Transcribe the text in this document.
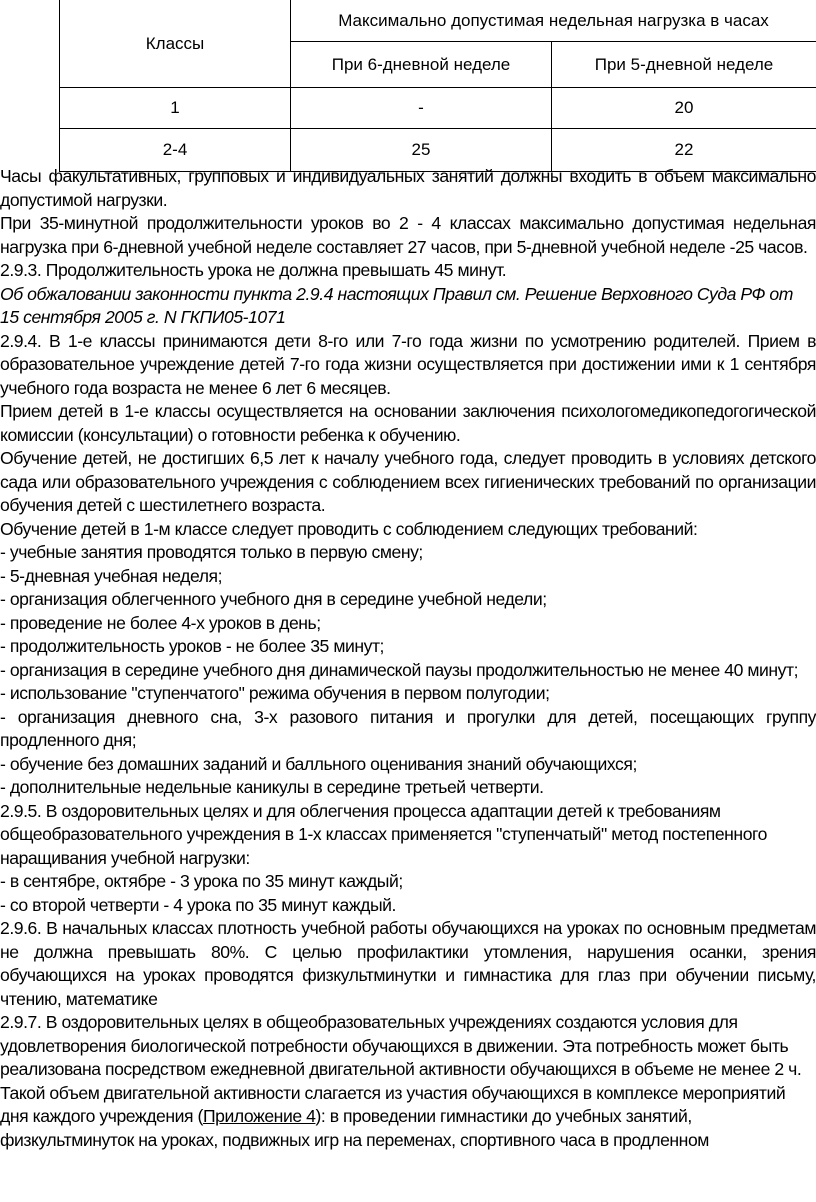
Классы	Максимально допустимая недельная нагрузка в часах	
	При 6-дневной неделе	При 5-дневной неделе
1	-	20
2-4	25	22

Часы факультативных, групповых и индивидуальных занятий должны входить в объем максимально допустимой нагрузки.

При 35-минутной продолжительности уроков во 2 - 4 классах максимально допустимая недельная нагрузка при 6-дневной учебной неделе составляет 27 часов, при 5-дневной учебной неделе -25 часов.

2.9.3. Продолжительность урока не должна превышать 45 минут.

Об обжаловании законности пункта 2.9.4 настоящих Правил см. Решение Верховного Суда РФ от 15 сентября 2005 г. N ГКПИ05-1071

2.9.4. В 1-е классы принимаются дети 8-го или 7-го года жизни по усмотрению родителей. Прием в образовательное учреждение детей 7-го года жизни осуществляется при достижении ими к 1 сентября учебного года возраста не менее 6 лет 6 месяцев.

Прием детей в 1-е классы осуществляется на основании заключения психологомедикопедогогической комиссии (консультации) о готовности ребенка к обучению.

Обучение детей, не достигших 6,5 лет к началу учебного года, следует проводить в условиях детского сада или образовательного учреждения с соблюдением всех гигиенических требований по организации обучения детей с шестилетнего возраста.

Обучение детей в 1-м классе следует проводить с соблюдением следующих требований:

- учебные занятия проводятся только в первую смену;

- 5-дневная учебная неделя;

- организация облегченного учебного дня в середине учебной недели;

- проведение не более 4-х уроков в день;

- продолжительность уроков - не более 35 минут;

- организация в середине учебного дня динамической паузы продолжительностью не менее 40 минут;

- использование "ступенчатого" режима обучения в первом полугодии;

- организация дневного сна, 3-х разового питания и прогулки для детей, посещающих группу продленного дня;

- обучение без домашних заданий и балльного оценивания знаний обучающихся;

- дополнительные недельные каникулы в середине третьей четверти.

2.9.5. В оздоровительных целях и для облегчения процесса адаптации детей к требованиям общеобразовательного учреждения в 1-х классах применяется "ступенчатый" метод постепенного наращивания учебной нагрузки:

- в сентябре, октябре - 3 урока по 35 минут каждый;

- со второй четверти - 4 урока по 35 минут каждый.

2.9.6. В начальных классах плотность учебной работы обучающихся на уроках по основным предметам не должна превышать 80%. С целью профилактики утомления, нарушения осанки, зрения обучающихся на уроках проводятся физкультминутки и гимнастика для глаз при обучении письму, чтению, математике

2.9.7. В оздоровительных целях в общеобразовательных учреждениях создаются условия для удовлетворения биологической потребности обучающихся в движении. Эта потребность может быть реализована посредством ежедневной двигательной активности обучающихся в объеме не менее 2 ч. Такой объем двигательной активности слагается из участия обучающихся в комплексе мероприятий дня каждого учреждения (Приложение 4): в проведении гимнастики до учебных занятий, физкультминуток на уроках, подвижных игр на переменах, спортивного часа в продленном
